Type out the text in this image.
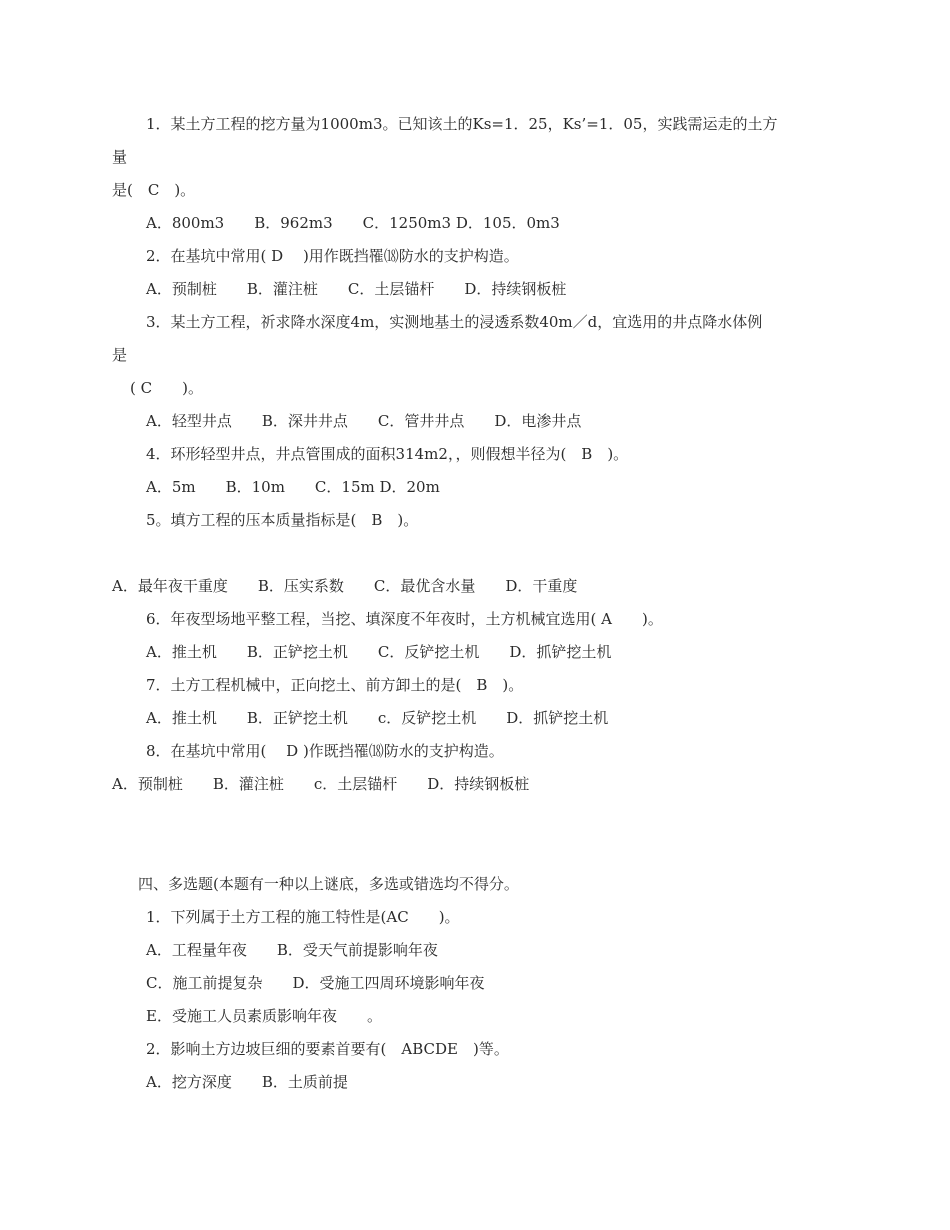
1．某土方工程的挖方量为1000m3。已知该土的Ks=1．25，Ks’=1．05，实践需运走的土方
量
是(　C　)。
A．800m3　　B．962m3　　C．1250m3 D．105．0m3
2．在基坑中常用( D　 )用作既挡罹⒅防水的支护构造。
A．预制桩　　B．灌注桩　　C．土层锚杆　　D．持续钢板桩
3．某土方工程，祈求降水深度4m，实测地基土的浸透系数40m／d，宜选用的井点降水体例
是
( C　　)。
A．轻型井点　　B．深井井点　　C．管井井点　　D．电渗井点
4．环形轻型井点，井点管围成的面积314m2，，则假想半径为(　B　)。
A．5m　　B．10m　　C．15m D．20m
5。填方工程的压本质量指标是(　B　)。
A．最年夜干重度　　B．压实系数　　C．最优含水量　　D．干重度
6．年夜型场地平整工程，当挖、填深度不年夜时，土方机械宜选用( A　　)。
A．推土机　　B．正铲挖土机　　C．反铲挖土机　　D．抓铲挖土机
7．土方工程机械中，正向挖土、前方卸土的是(　B　)。
A．推土机　　B．正铲挖土机　　c．反铲挖土机　　D．抓铲挖土机
8．在基坑中常用(　 D )作既挡罹⒅防水的支护构造。
A．预制桩　　B．灌注桩　　c．土层锚杆　　D．持续钢板桩
四、多选题(本题有一种以上谜底，多选或错选均不得分。
1．下列属于土方工程的施工特性是(AC　　)。
A．工程量年夜　　B．受天气前提影响年夜
C．施工前提复杂　　D．受施工四周环境影响年夜
E．受施工人员素质影响年夜　　。
2．影响土方边坡巨细的要素首要有(　ABCDE　)等。
A．挖方深度　　B．土质前提
